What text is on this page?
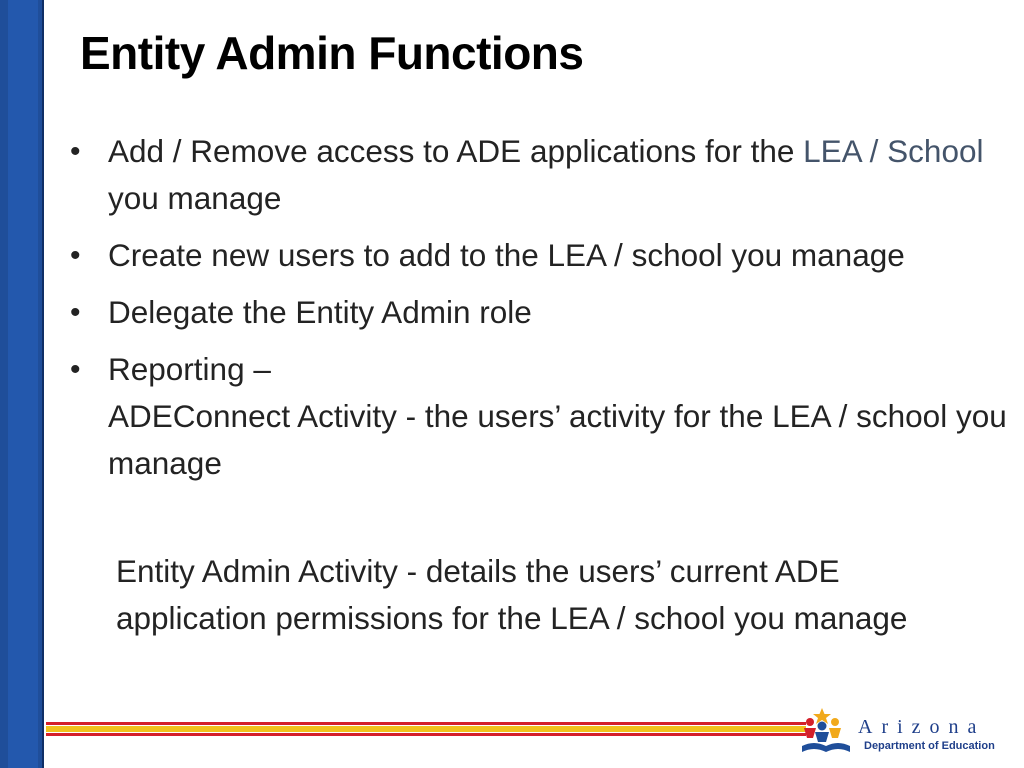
Entity Admin Functions
• Add / Remove access to ADE applications for the LEA / School you manage
• Create new users to add to the LEA / school you manage
• Delegate the Entity Admin role
• Reporting –
ADEConnect Activity - the users’ activity for the LEA / school you manage
Entity Admin Activity - details the users’ current ADE application permissions for the LEA / school you manage
Arizona
Department of Education
